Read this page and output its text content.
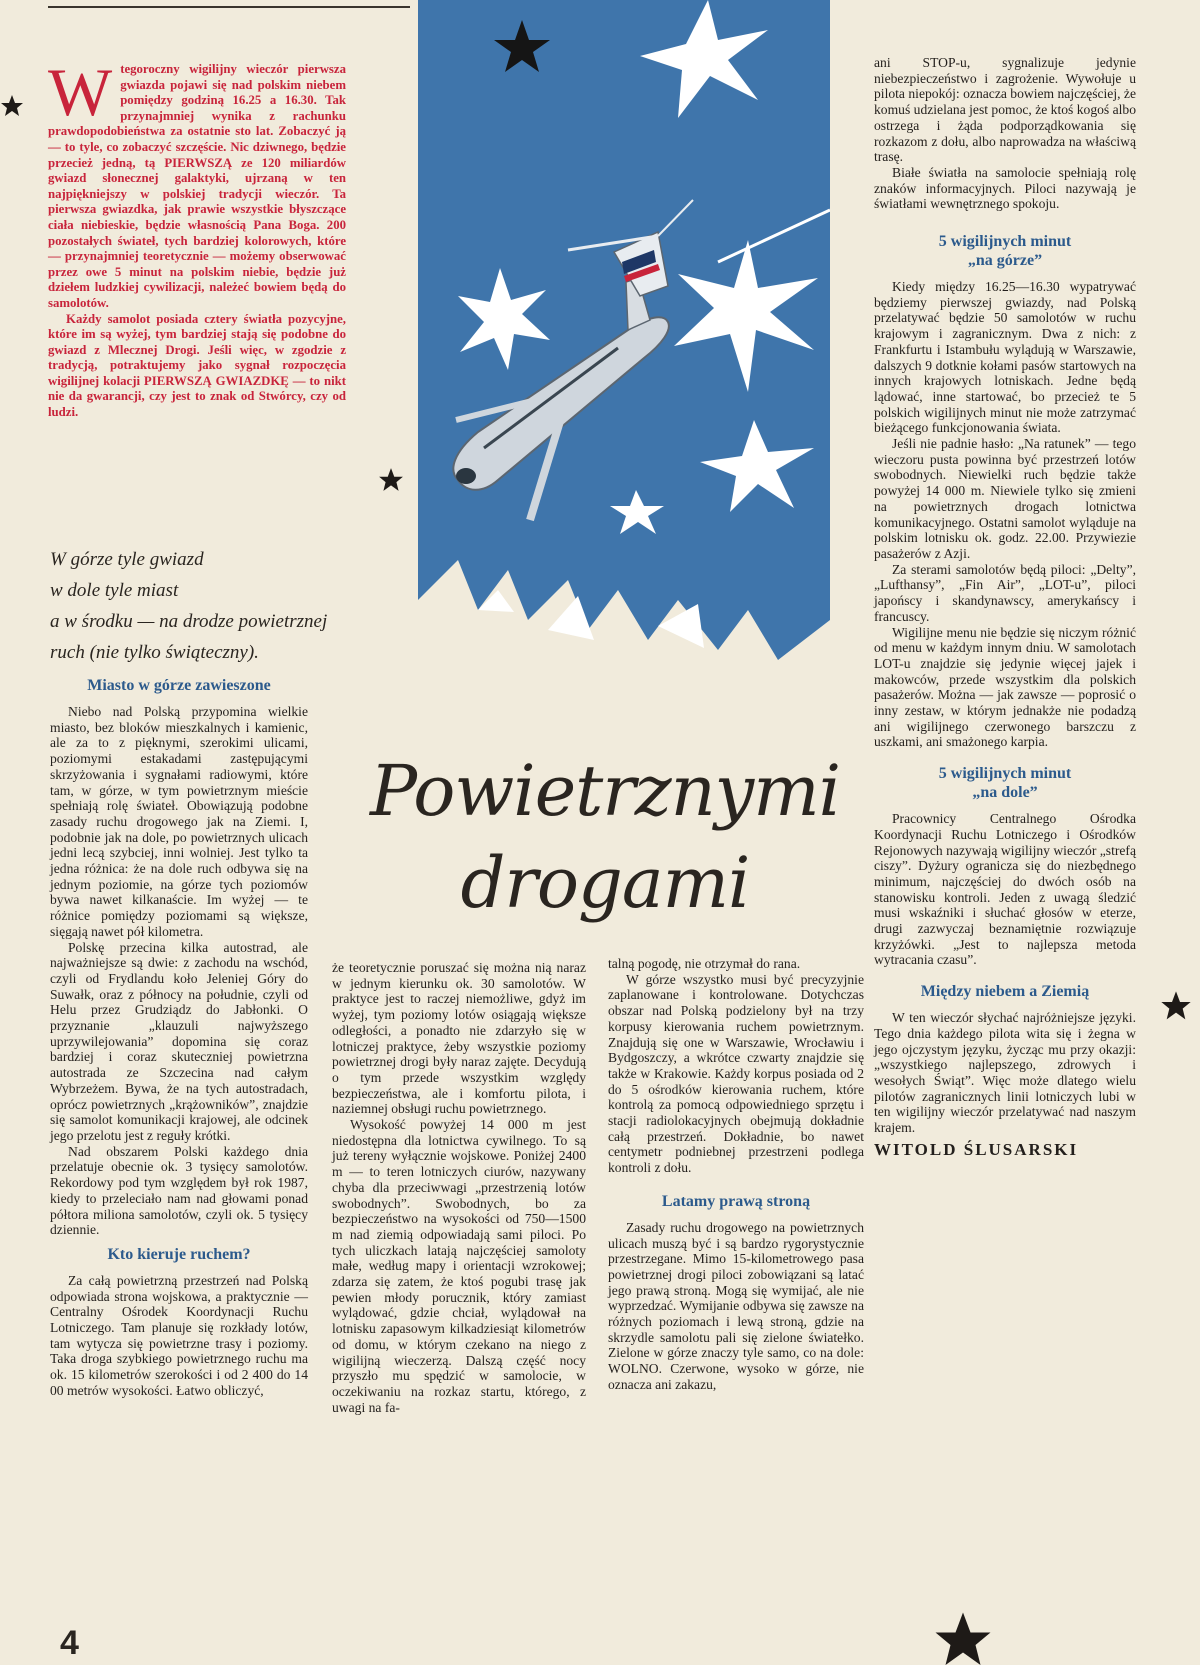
W tegoroczny wigilijny wieczór pierwsza gwiazda pojawi się nad polskim niebem pomiędzy godziną 16.25 a 16.30. Tak przynajmniej wynika z rachunku prawdopodobieństwa za ostatnie sto lat. Zobaczyć ją — to tyle, co zobaczyć szczęście. Nic dziwnego, będzie przecież jedną, tą PIERWSZĄ ze 120 miliardów gwiazd słonecznej galaktyki, ujrzaną w ten najpiękniejszy w polskiej tradycji wieczór. Ta pierwsza gwiazdka, jak prawie wszystkie błyszczące ciała niebieskie, będzie własnością Pana Boga. 200 pozostałych świateł, tych bardziej kolorowych, które — przynajmniej teoretycznie — możemy obserwować przez owe 5 minut na polskim niebie, będzie już dziełem ludzkiej cywilizacji, należeć bowiem będą do samolotów.

Każdy samolot posiada cztery światła pozycyjne, które im są wyżej, tym bardziej stają się podobne do gwiazd z Mlecznej Drogi. Jeśli więc, w zgodzie z tradycją, potraktujemy jako sygnał rozpoczęcia wigilijnej kolacji PIERWSZĄ GWIAZDKĘ — to nikt nie da gwarancji, czy jest to znak od Stwórcy, czy od ludzi.

W górze tyle gwiazd
w dole tyle miast
a w środku — na drodze powietrznej
ruch (nie tylko świąteczny).
Powietrznymi
drogami
Miasto w górze zawieszone

Niebo nad Polską przypomina wielkie miasto, bez bloków mieszkalnych i kamienic, ale za to z pięknymi, szerokimi ulicami, poziomymi estakadami zastępującymi skrzyżowania i sygnałami radiowymi, które tam, w górze, w tym powietrznym mieście spełniają rolę świateł. Obowiązują podobne zasady ruchu drogowego jak na Ziemi. I, podobnie jak na dole, po powietrznych ulicach jedni lecą szybciej, inni wolniej. Jest tylko ta jedna różnica: że na dole ruch odbywa się na jednym poziomie, na górze tych poziomów bywa nawet kilkanaście. Im wyżej — te różnice pomiędzy poziomami są większe, sięgają nawet pół kilometra.

Polskę przecina kilka autostrad, ale najważniejsze są dwie: z zachodu na wschód, czyli od Frydlandu koło Jeleniej Góry do Suwałk, oraz z północy na południe, czyli od Helu przez Grudziądz do Jabłonki. O przyznanie „klauzuli najwyższego uprzywilejowania” dopomina się coraz bardziej i coraz skuteczniej powietrzna autostrada ze Szczecina nad całym Wybrzeżem. Bywa, że na tych autostradach, oprócz powietrznych „krążowników”, znajdzie się samolot komunikacji krajowej, ale odcinek jego przelotu jest z reguły krótki.

Nad obszarem Polski każdego dnia przelatuje obecnie ok. 3 tysięcy samolotów. Rekordowy pod tym względem był rok 1987, kiedy to przeleciało nam nad głowami ponad półtora miliona samolotów, czyli ok. 5 tysięcy dziennie.

Kto kieruje ruchem?

Za całą powietrzną przestrzeń nad Polską odpowiada strona wojskowa, a praktycznie — Centralny Ośrodek Koordynacji Ruchu Lotniczego. Tam planuje się rozkłady lotów, tam wytycza się powietrzne trasy i poziomy. Taka droga szybkiego powietrznego ruchu ma ok. 15 kilometrów szerokości i od 2 400 do 14 00 metrów wysokości. Łatwo obliczyć,

że teoretycznie poruszać się można nią naraz w jednym kierunku ok. 30 samolotów. W praktyce jest to raczej niemożliwe, gdyż im wyżej, tym poziomy lotów osiągają większe odległości, a ponadto nie zdarzyło się w lotniczej praktyce, żeby wszystkie poziomy powietrznej drogi były naraz zajęte. Decydują o tym przede wszystkim względy bezpieczeństwa, ale i komfortu pilota, i naziemnej obsługi ruchu powietrznego.

Wysokość powyżej 14 000 m jest niedostępna dla lotnictwa cywilnego. To są już tereny wyłącznie wojskowe. Poniżej 2400 m — to teren lotniczych ciurów, nazywany chyba dla przeciwwagi „przestrzenią lotów swobodnych”. Swobodnych, bo za bezpieczeństwo na wysokości od 750—1500 m nad ziemią odpowiadają sami piloci. Po tych uliczkach latają najczęściej samoloty małe, według mapy i orientacji wzrokowej; zdarza się zatem, że ktoś pogubi trasę jak pewien młody porucznik, który zamiast wylądować, gdzie chciał, wylądował na lotnisku zapasowym kilkadziesiąt kilometrów od domu, w którym czekano na niego z wigilijną wieczerzą. Dalszą część nocy przyszło mu spędzić w samolocie, w oczekiwaniu na rozkaz startu, którego, z uwagi na fa-

talną pogodę, nie otrzymał do rana.

W górze wszystko musi być precyzyjnie zaplanowane i kontrolowane. Dotychczas obszar nad Polską podzielony był na trzy korpusy kierowania ruchem powietrznym. Znajdują się one w Warszawie, Wrocławiu i Bydgoszczy, a wkrótce czwarty znajdzie się także w Krakowie. Każdy korpus posiada od 2 do 5 ośrodków kierowania ruchem, które kontrolą za pomocą odpowiedniego sprzętu i stacji radiolokacyjnych obejmują dokładnie całą przestrzeń. Dokładnie, bo nawet centymetr podniebnej przestrzeni podlega kontroli z dołu.

Latamy prawą stroną

Zasady ruchu drogowego na powietrznych ulicach muszą być i są bardzo rygorystycznie przestrzegane. Mimo 15-kilometrowego pasa powietrznej drogi piloci zobowiązani są latać jego prawą stroną. Mogą się wymijać, ale nie wyprzedzać. Wymijanie odbywa się zawsze na różnych poziomach i lewą stroną, gdzie na skrzydle samolotu pali się zielone światełko. Zielone w górze znaczy tyle samo, co na dole: WOLNO. Czerwone, wysoko w górze, nie oznacza ani zakazu,

ani STOP-u, sygnalizuje jedynie niebezpieczeństwo i zagrożenie. Wywołuje u pilota niepokój: oznacza bowiem najczęściej, że komuś udzielana jest pomoc, że ktoś kogoś albo ostrzega i żąda podporządkowania się rozkazom z dołu, albo naprowadza na właściwą trasę.

Białe światła na samolocie spełniają rolę znaków informacyjnych. Piloci nazywają je światłami wewnętrznego spokoju.

5 wigilijnych minut
„na górze”

Kiedy między 16.25—16.30 wypatrywać będziemy pierwszej gwiazdy, nad Polską przelatywać będzie 50 samolotów w ruchu krajowym i zagranicznym. Dwa z nich: z Frankfurtu i Istambułu wylądują w Warszawie, dalszych 9 dotknie kołami pasów startowych na innych krajowych lotniskach. Jedne będą lądować, inne startować, bo przecież te 5 polskich wigilijnych minut nie może zatrzymać bieżącego funkcjonowania świata.

Jeśli nie padnie hasło: „Na ratunek” — tego wieczoru pusta powinna być przestrzeń lotów swobodnych. Niewielki ruch będzie także powyżej 14 000 m. Niewiele tylko się zmieni na powietrznych drogach lotnictwa komunikacyjnego. Ostatni samolot wyląduje na polskim lotnisku ok. godz. 22.00. Przywiezie pasażerów z Azji.

Za sterami samolotów będą piloci: „Delty”, „Lufthansy”, „Fin Air”, „LOT-u”, piloci japońscy i skandynawscy, amerykańscy i francuscy.

Wigilijne menu nie będzie się niczym różnić od menu w każdym innym dniu. W samolotach LOT-u znajdzie się jedynie więcej jajek i makowców, przede wszystkim dla polskich pasażerów. Można — jak zawsze — poprosić o inny zestaw, w którym jednakże nie podadzą ani wigilijnego czerwonego barszczu z uszkami, ani smażonego karpia.

5 wigilijnych minut
„na dole”

Pracownicy Centralnego Ośrodka Koordynacji Ruchu Lotniczego i Ośrodków Rejonowych nazywają wigilijny wieczór „strefą ciszy”. Dyżury ogranicza się do niezbędnego minimum, najczęściej do dwóch osób na stanowisku kontroli. Jeden z uwagą śledzić musi wskaźniki i słuchać głosów w eterze, drugi zazwyczaj beznamiętnie rozwiązuje krzyżówki. „Jest to najlepsza metoda wytracania czasu”.

Między niebem a Ziemią

W ten wieczór słychać najróżniejsze języki. Tego dnia każdego pilota wita się i żegna w jego ojczystym języku, życząc mu przy okazji: „wszystkiego najlepszego, zdrowych i wesołych Świąt”. Więc może dlatego wielu pilotów zagranicznych linii lotniczych lubi w ten wigilijny wieczór przelatywać nad naszym krajem.

WITOLD ŚLUSARSKI
4
